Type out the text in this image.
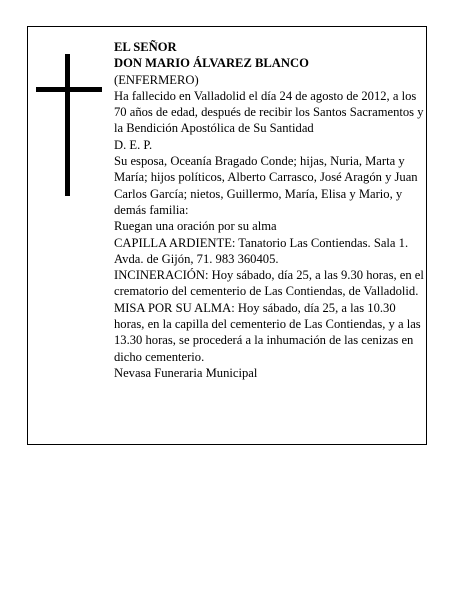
EL SEÑOR

DON MARIO ÁLVAREZ BLANCO

(ENFERMERO)

Ha fallecido en Valladolid el día 24 de agosto de 2012, a los 70 años de edad, después de recibir los Santos Sacramentos y la Bendición Apostólica de Su Santidad

D. E. P.

Su esposa, Oceanía Bragado Conde; hijas, Nuria, Marta y María; hijos políticos, Alberto Carrasco, José Aragón y Juan Carlos García; nietos, Guillermo, María, Elisa y Mario, y demás familia:

Ruegan una oración por su alma

CAPILLA ARDIENTE: Tanatorio Las Contiendas. Sala 1. Avda. de Gijón, 71. 983 360405.

INCINERACIÓN: Hoy sábado, día 25, a las 9.30 horas, en el crematorio del cementerio de Las Contiendas, de Valladolid. MISA POR SU ALMA: Hoy sábado, día 25, a las 10.30 horas, en la capilla del cementerio de Las Contiendas, y a las 13.30 horas, se procederá a la inhumación de las cenizas en dicho cementerio.

Nevasa Funeraria Municipal
